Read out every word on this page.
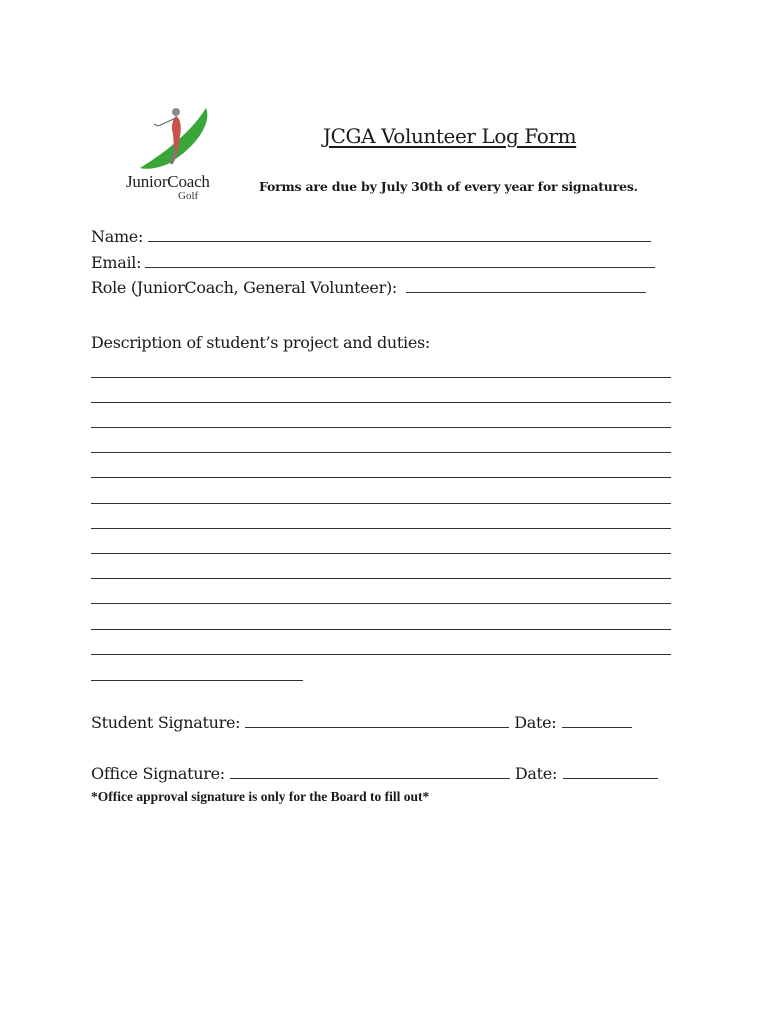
JuniorCoach
Golf
JCGA Volunteer Log Form
Forms are due by July 30th of every year for signatures.
Name:
Email:
Role (JuniorCoach, General Volunteer):
Description of student’s project and duties:
Student Signature:	Date:
Office Signature:	Date:
*Office approval signature is only for the Board to fill out*
